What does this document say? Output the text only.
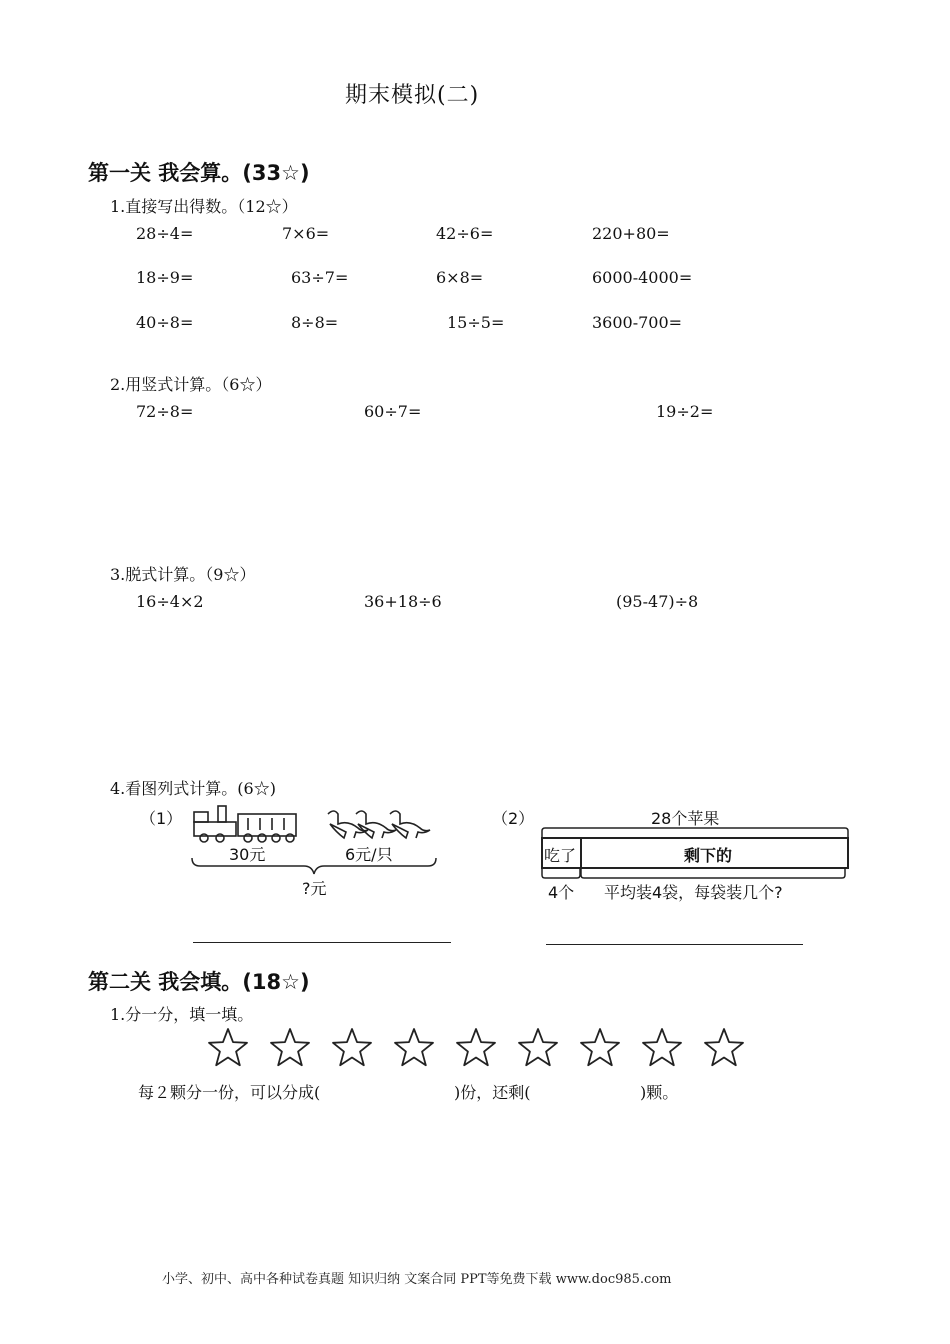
期末模拟(二)
第一关 我会算。(33☆)
1.直接写出得数。（12☆）
28÷4=	7×6=	42÷6=	220+80=
18÷9=	63÷7=	6×8=	6000-4000=
40÷8=	8÷8=	15÷5=	3600-700=
2.用竖式计算。（6☆）
72÷8=	60÷7=	19÷2=
3.脱式计算。（9☆）
16÷4×2	36+18÷6	(95-47)÷8
4.看图列式计算。(6☆)
（1）
30元	6元/只
?元
（2）	28个苹果
吃了	剩下的
4个 平均装4袋，每袋装几个?
第二关 我会填。(18☆)
1.分一分，填一填。
每２颗分一份，可以分成(	)份，还剩(	)颗。
小学、初中、高中各种试卷真题 知识归纳 文案合同 PPT等免费下载 www.doc985.com
